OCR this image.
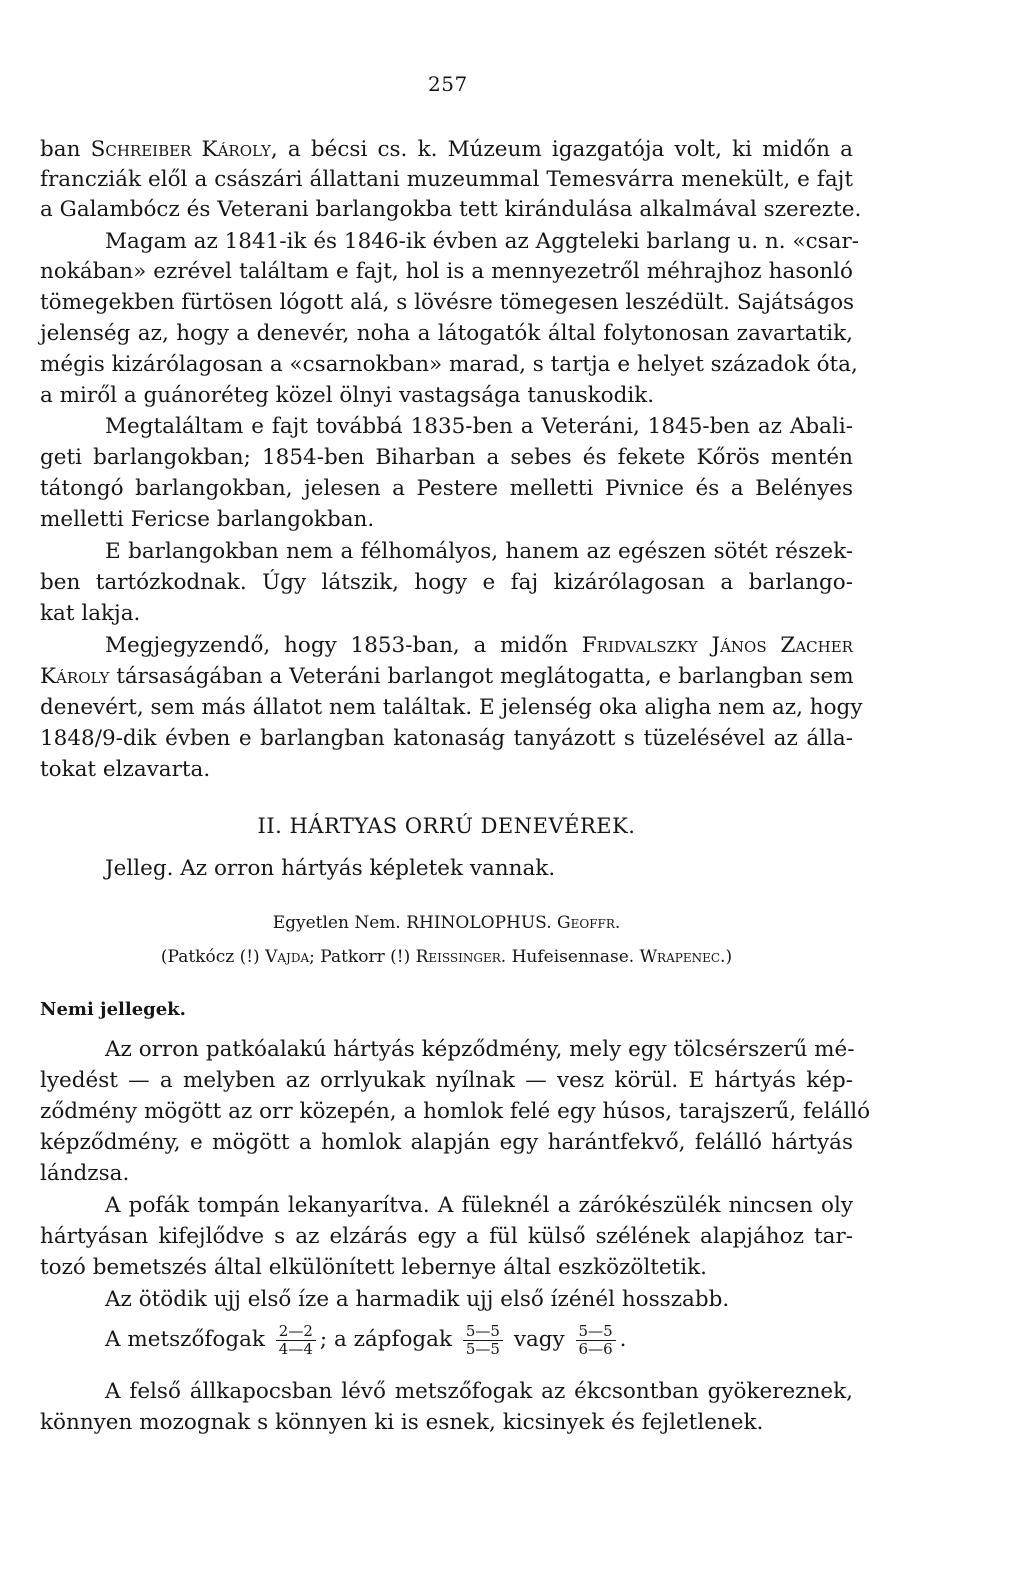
257
ban Schreiber Károly, a bécsi cs. k. Múzeum igazgatója volt, ki midőn a
francziák elől a császári állattani muzeummal Temesvárra menekült, e fajt
a Galambócz és Veterani barlangokba tett kirándulása alkalmával szerezte.
Magam az 1841-ik és 1846-ik évben az Aggteleki barlang u. n. «csar-
nokában» ezrével találtam e fajt, hol is a mennyezetről méhrajhoz hasonló
tömegekben fürtösen lógott alá, s lövésre tömegesen leszédült. Sajátságos
jelenség az, hogy a denevér, noha a látogatók által folytonosan zavartatik,
mégis kizárólagosan a «csarnokban» marad, s tartja e helyet századok óta,
a miről a guánoréteg közel ölnyi vastagsága tanuskodik.
Megtaláltam e fajt továbbá 1835-ben a Veteráni, 1845-ben az Abali-
geti barlangokban; 1854-ben Biharban a sebes és fekete Kőrös mentén
tátongó barlangokban, jelesen a Pestere melletti Pivnice és a Belényes
melletti Fericse barlangokban.
E barlangokban nem a félhomályos, hanem az egészen sötét részek-
ben tartózkodnak. Úgy látszik, hogy e faj kizárólagosan a barlango-
kat lakja.
Megjegyzendő, hogy 1853-ban, a midőn Fridvalszky János Zacher
Károly társaságában a Veteráni barlangot meglátogatta, e barlangban sem
denevért, sem más állatot nem találtak. E jelenség oka aligha nem az, hogy
1848/9-dik évben e barlangban katonaság tanyázott s tüzelésével az álla-
tokat elzavarta.
II. HÁRTYAS ORRÚ DENEVÉREK.
Jelleg. Az orron hártyás képletek vannak.
Egyetlen Nem. RHINOLOPHUS. Geoffr.
(Patkócz (!) Vajda; Patkorr (!) Reissinger. Hufeisennase. Wrapenec.)
Nemi jellegek.
Az orron patkóalakú hártyás képződmény, mely egy tölcsérszerű mé-
lyedést — a melyben az orrlyukak nyílnak — vesz körül. E hártyás kép-
ződmény mögött az orr közepén, a homlok felé egy húsos, tarajszerű, felálló
képződmény, e mögött a homlok alapján egy harántfekvő, felálló hártyás
lándzsa.
A pofák tompán lekanyarítva. A füleknél a zárókészülék nincsen oly
hártyásan kifejlődve s az elzárás egy a fül külső szélének alapjához tar-
tozó bemetszés által elkülönített lebernye által eszközöltetik.
Az ötödik ujj első íze a harmadik ujj első ízénél hosszabb.
A metszőfogak $\frac{2—2}{4—4}$ ; a zápfogak $\frac{5—5}{5—5}$ vagy $\frac{5—5}{6—6}$ .
A felső állkapocsban lévő metszőfogak az ékcsontban gyökereznek,
könnyen mozognak s könnyen ki is esnek, kicsinyek és fejletlenek.
